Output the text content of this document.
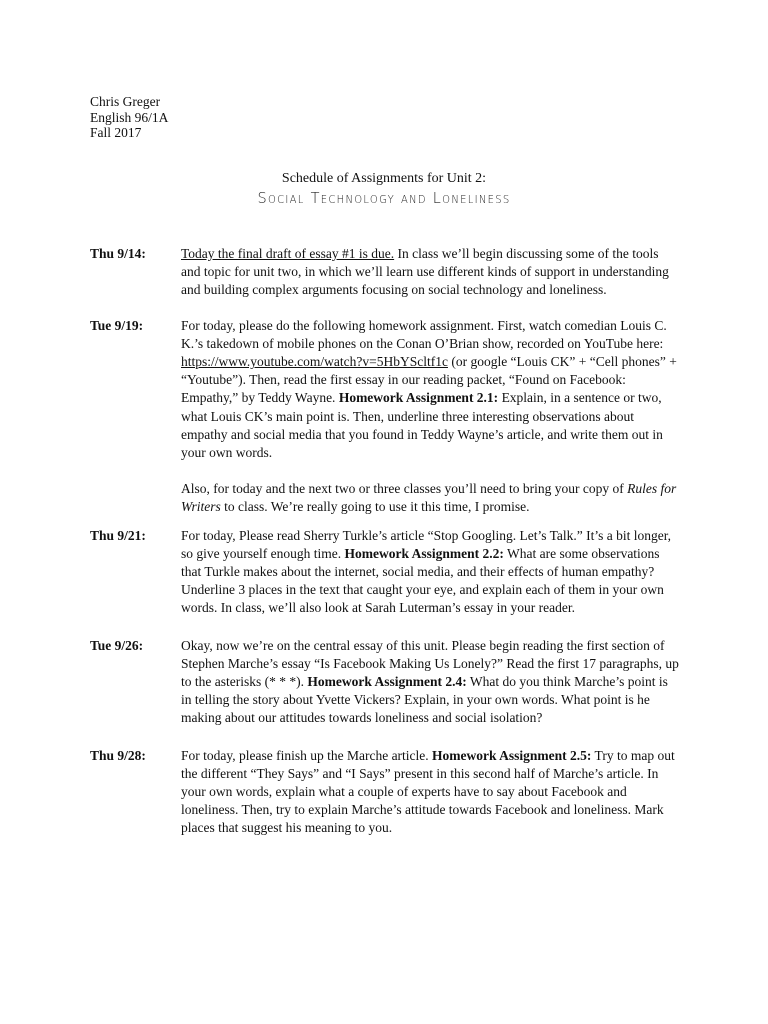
Chris Greger
English 96/1A
Fall 2017
Schedule of Assignments for Unit 2:
Social Technology and Loneliness
Thu 9/14:	Today the final draft of essay #1 is due. In class we’ll begin discussing some of the tools and topic for unit two, in which we’ll learn use different kinds of support in understanding and building complex arguments focusing on social technology and loneliness.

Tue 9/19:	For today, please do the following homework assignment. First, watch comedian Louis C. K.’s takedown of mobile phones on the Conan O’Brian show, recorded on YouTube here: https://www.youtube.com/watch?v=5HbYScltf1c (or google “Louis CK” + “Cell phones” + “Youtube”). Then, read the first essay in our reading packet, “Found on Facebook: Empathy,” by Teddy Wayne. Homework Assignment 2.1: Explain, in a sentence or two, what Louis CK’s main point is. Then, underline three interesting observations about empathy and social media that you found in Teddy Wayne’s article, and write them out in your own words.

Also, for today and the next two or three classes you’ll need to bring your copy of Rules for Writers to class. We’re really going to use it this time, I promise.

Thu 9/21:	For today, Please read Sherry Turkle’s article “Stop Googling. Let’s Talk.” It’s a bit longer, so give yourself enough time. Homework Assignment 2.2: What are some observations that Turkle makes about the internet, social media, and their effects of human empathy? Underline 3 places in the text that caught your eye, and explain each of them in your own words. In class, we’ll also look at Sarah Luterman’s essay in your reader.

Tue 9/26:	Okay, now we’re on the central essay of this unit. Please begin reading the first section of Stephen Marche’s essay “Is Facebook Making Us Lonely?” Read the first 17 paragraphs, up to the asterisks (* * *). Homework Assignment 2.4: What do you think Marche’s point is in telling the story about Yvette Vickers? Explain, in your own words. What point is he making about our attitudes towards loneliness and social isolation?

Thu 9/28:	For today, please finish up the Marche article. Homework Assignment 2.5: Try to map out the different “They Says” and “I Says” present in this second half of Marche’s article. In your own words, explain what a couple of experts have to say about Facebook and loneliness. Then, try to explain Marche’s attitude towards Facebook and loneliness. Mark places that suggest his meaning to you.
